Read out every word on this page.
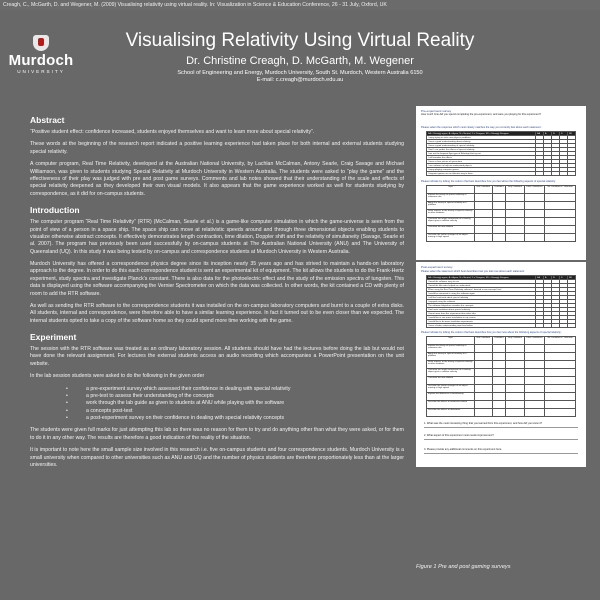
Creagh, C., McGarth, D. and Wegener, M. (2009) Visualising relativity using virtual reality. In: Visualization in Science & Education Conference, 26 - 31 July, Oxford, UK
Murdoch
UNIVERSITY
Visualising Relativity Using Virtual Reality
Dr. Christine Creagh, D. McGarth, M. Wegener
School of Engineering and Energy, Murdoch University, South St. Murdoch, Western Australia 6150
E-mail: c.creagh@murdoch.edu.au
Abstract

“Positive student effect: confidence increased, students enjoyed themselves and want to learn more about special relativity”.

These words at the beginning of the research report indicated a positive learning experience had taken place for both internal and external students studying special relativity.

A computer program, Real Time Relativity, developed at the Australian National University, by Lachlan McCalman, Antony Searle, Craig Savage and Michael Williamson, was given to students studying Special Relativity at Murdoch University in Western Australia. The students were asked to “play the game” and the effectiveness of their play was judged with pre and post game surveys. Comments and lab notes showed that their understanding of the scale and effects of special relativity deepened as they developed their own visual models. It also appears that the game experience worked as well for students studying by correspondence, as it did for on-campus students.

Introduction

The computer program “Real Time Relativity” (RTR) (McCalman, Searle et al.) is a game-like computer simulation in which the game-universe is seen from the point of view of a person in a space ship. The space ship can move at relativistic speeds around and through three dimensional objects enabling students to visualize otherwise abstract concepts. It effectively demonstrates length contraction, time dilation, Doppler shift and the relativity of simultaneity (Savage, Searle et al. 2007). The program has previously been used successfully by on-campus students at The Australian National University (ANU) and The University of Queensland (UQ). In this study it was being tested by on-campus and correspondence students at Murdoch University in Western Australia.

Murdoch University has offered a correspondence physics degree since its inception nearly 35 years ago and has strived to maintain a hands-on laboratory approach to the degree. In order to do this each correspondence student is sent an experimental kit of equipment. The kit allows the students to do the Frank-Hertz experiment, study spectra and investigate Planck’s constant. There is also data for the photoelectric effect and the study of the emission spectra of tungsten. This data is displayed using the software accompanying the Vernier Spectrometer on which the data was collected. In other words, the kit contained a CD with plenty of room to add the RTR software.

As well as sending the RTR software to the correspondence students it was installed on the on-campus laboratory computers and burnt to a couple of extra disks. All students, internal and correspondence, were therefore able to have a similar learning experience. In fact it turned out to be even closer than we expected. The internal students opted to take a copy of the software home so they could spend more time working with the game.

Experiment

The session with the RTR software was treated as an ordinary laboratory session. All students should have had the lectures before doing the lab but would not have done the relevant assignment. For lectures the external students access an audio recording which accompanies a PowerPoint presentation on the unit website.

In the lab session students were asked to do the following in the given order

• a pre-experiment survey which assessed their confidence in dealing with special relativity
• a pre-test to assess their understanding of the concepts
• work through the lab guide as given to students at ANU while playing with the software
• a concepts post-test
• a post-experiment survey on their confidence in dealing with special relativity concepts

The students were given full marks for just attempting this lab so there was no reason for them to try and do anything other than what they were asked, or for them to do it in any other way. The results are therefore a good indication of the reality of the situation.

It is important to note here the small sample size involved in this research i.e. five on-campus students and four correspondence students. Murdoch University is a small university when compared to other universities such as ANU and UQ and the number of physics students are therefore proportionately less than at the larger universities.

Pre-experiment survey
How much time did you spend completing the pre-experiment, and were you playing for this experiment?
Please select the response which most closely matches the way you currently feel about each statement:
SA = Strongly agree, A = Agree, N = Neutral, D = Disagree, SD = Strongly Disagree	SA	A	N	D	SD
I enjoy trying to solve new physics problems					
I have a good understanding about relativity					
I have a good understanding of special relativity					
I feel I can predict the effects of special relativity					
I am not the frequent flyer type of Relativity that try not					
I still visualize the effects					
I have a clear picture of space-time					
I use software to help me understand physics					
I enjoy playing computer games					
Computer games are an effective way to learn					
Please indicate by ticking the column that best describes how you feel about the following aspects of special relativity:
Topic	Not Confident	Confident	Very Confident	Little Confidence	No Confidence / Unknown
Explain the theory of special relativity to someone else					
Apply the theory of special relativity to a problem					
State aspects of the theory of special relativity to other students					
Calculate the length contraction of a moving object given a relative velocity					
Calculate the time dilation					
Describe the colour changes of an object moving at high speed					
Post-experiment survey
Please select the statement which best describes how you feel now about each statement:
SA = Strongly agree, A = Agree, N = Neutral, D = Disagree, SD = Strongly Disagree	SA	A	N	D	SD
I found the software easy to use					
I found the lab notes helped me understand					
When using the Real Time Relativity software I learned a new concept I feel					
I would be interested in using the software again					
I still feel confused about special relativity					
I enjoyed using the software					
The software helped me visualize the concepts					
I feel more confident about special relativity					
I learnt more from this experiment than other labs					
I would like to see more simulations in my course					
I would like to do more simulation experiments					
I have a better understanding now than before					
Please indicate by ticking the column that best describes how you feel now about the following aspects of special relativity:
Topic	Not Confident	Confident	Very Confident	Little Confidence	No Confidence / Unknown
Explain the theory of special relativity to someone else					
Apply the theory of special relativity to a problem					
State aspects of the theory of special relativity to other students					
Calculate the length contraction of a moving object given a relative velocity					
Calculate the time dilation					
Describe the colour changes of an object moving at high speed					
Explain the difference of simultaneity					
Describe the effects of relativistic motion					
Describe the effects of aberration					
1. What was the most interesting thing that you learned from this experiment, and how did you know it?
2. What aspect of this experiment most needs improvement?
3. Please provide any additional comments on this experiment here.
Figure 1 Pre and post gaming surveys
